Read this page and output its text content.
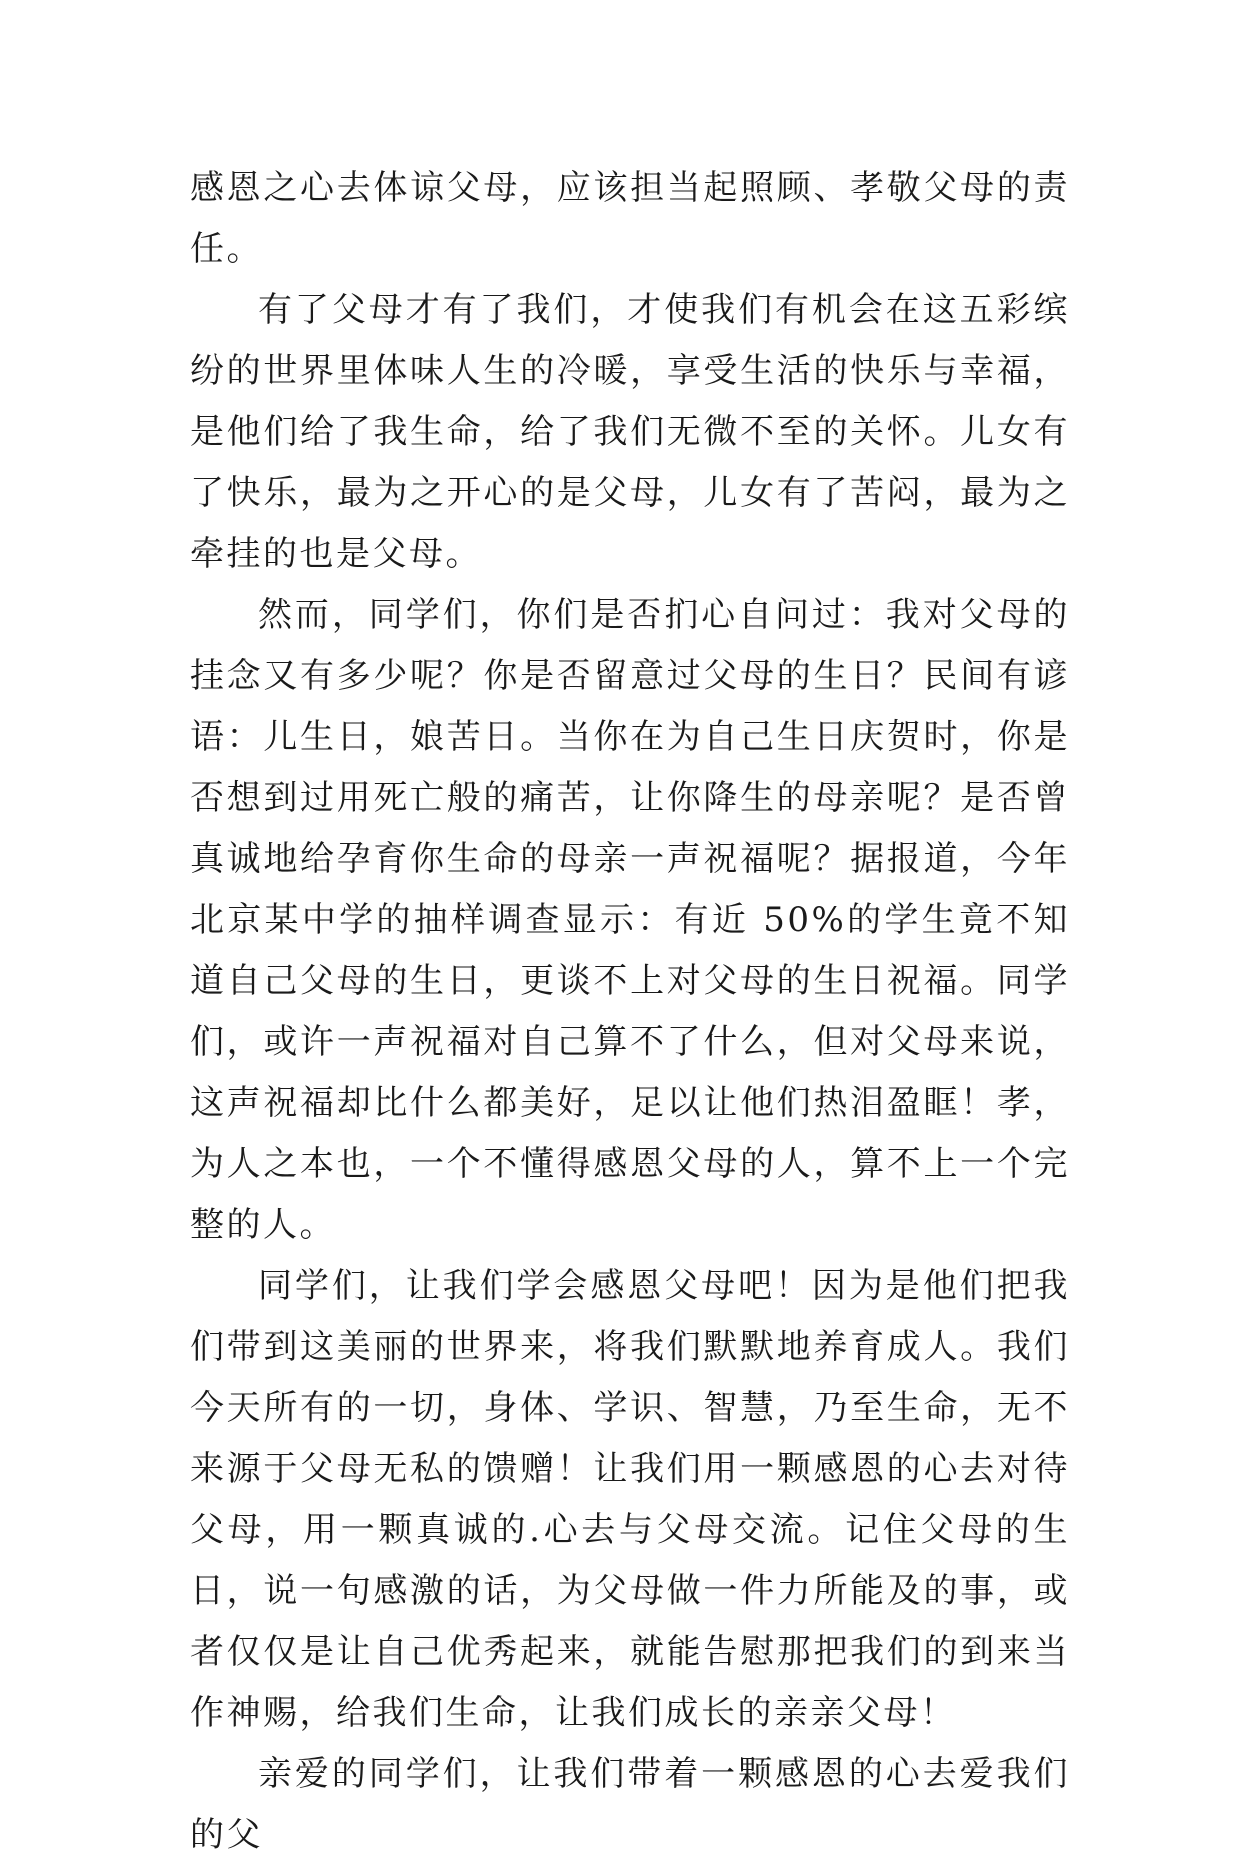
感恩之心去体谅父母，应该担当起照顾、孝敬父母的责任。

有了父母才有了我们，才使我们有机会在这五彩缤纷的世界里体味人生的冷暖，享受生活的快乐与幸福，是他们给了我生命，给了我们无微不至的关怀。儿女有了快乐，最为之开心的是父母，儿女有了苦闷，最为之牵挂的也是父母。

然而，同学们，你们是否扪心自问过：我对父母的挂念又有多少呢？你是否留意过父母的生日？民间有谚语：儿生日，娘苦日。当你在为自己生日庆贺时，你是否想到过用死亡般的痛苦，让你降生的母亲呢？是否曾真诚地给孕育你生命的母亲一声祝福呢？据报道，今年北京某中学的抽样调查显示：有近 50%的学生竟不知道自己父母的生日，更谈不上对父母的生日祝福。同学们，或许一声祝福对自己算不了什么，但对父母来说，这声祝福却比什么都美好，足以让他们热泪盈眶！孝，为人之本也，一个不懂得感恩父母的人，算不上一个完整的人。

同学们，让我们学会感恩父母吧！因为是他们把我们带到这美丽的世界来，将我们默默地养育成人。我们今天所有的一切，身体、学识、智慧，乃至生命，无不来源于父母无私的馈赠！让我们用一颗感恩的心去对待父母，用一颗真诚的.心去与父母交流。记住父母的生日，说一句感激的话，为父母做一件力所能及的事，或者仅仅是让自己优秀起来，就能告慰那把我们的到来当作神赐，给我们生命，让我们成长的亲亲父母！

亲爱的同学们，让我们带着一颗感恩的心去爱我们的父
